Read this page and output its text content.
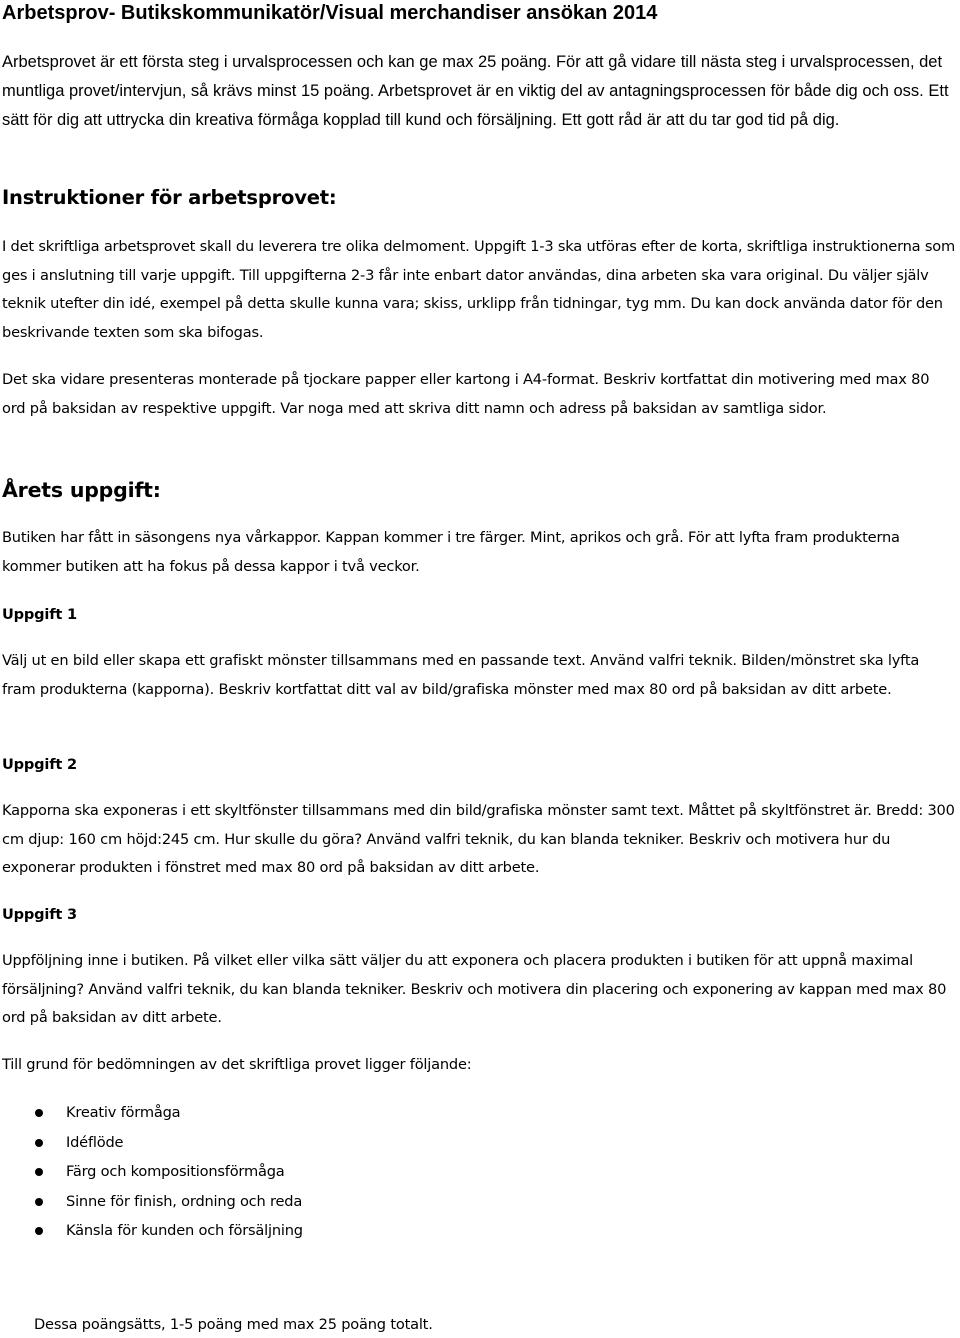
Arbetsprov- Butikskommunikatör/Visual merchandiser ansökan 2014

Arbetsprovet är ett första steg i urvalsprocessen och kan ge max 25 poäng. För att gå vidare till nästa steg i urvalsprocessen, det muntliga provet/intervjun, så krävs minst 15 poäng. Arbetsprovet är en viktig del av antagningsprocessen för både dig och oss. Ett sätt för dig att uttrycka din kreativa förmåga kopplad till kund och försäljning. Ett gott råd är att du tar god tid på dig.

Instruktioner för arbetsprovet:

I det skriftliga arbetsprovet skall du leverera tre olika delmoment. Uppgift 1-3 ska utföras efter de korta, skriftliga instruktionerna som ges i anslutning till varje uppgift. Till uppgifterna 2-3 får inte enbart dator användas, dina arbeten ska vara original. Du väljer själv teknik utefter din idé, exempel på detta skulle kunna vara; skiss, urklipp från tidningar, tyg mm. Du kan dock använda dator för den beskrivande texten som ska bifogas.

Det ska vidare presenteras monterade på tjockare papper eller kartong i A4-format. Beskriv kortfattat din motivering med max 80 ord på baksidan av respektive uppgift. Var noga med att skriva ditt namn och adress på baksidan av samtliga sidor.

Årets uppgift:

Butiken har fått in säsongens nya vårkappor. Kappan kommer i tre färger. Mint, aprikos och grå. För att lyfta fram produkterna kommer butiken att ha fokus på dessa kappor i två veckor.

Uppgift 1

Välj ut en bild eller skapa ett grafiskt mönster tillsammans med en passande text. Använd valfri teknik. Bilden/mönstret ska lyfta fram produkterna (kapporna). Beskriv kortfattat ditt val av bild/grafiska mönster med max 80 ord på baksidan av ditt arbete.

Uppgift 2

Kapporna ska exponeras i ett skyltfönster tillsammans med din bild/grafiska mönster samt text. Måttet på skyltfönstret är. Bredd: 300 cm djup: 160 cm höjd:245 cm. Hur skulle du göra? Använd valfri teknik, du kan blanda tekniker. Beskriv och motivera hur du exponerar produkten i fönstret med max 80 ord på baksidan av ditt arbete.

Uppgift 3

Uppföljning inne i butiken. På vilket eller vilka sätt väljer du att exponera och placera produkten i butiken för att uppnå maximal försäljning? Använd valfri teknik, du kan blanda tekniker. Beskriv och motivera din placering och exponering av kappan med max 80 ord på baksidan av ditt arbete.

Till grund för bedömningen av det skriftliga provet ligger följande:

Kreativ förmåga
Idéflöde
Färg och kompositionsförmåga
Sinne för finish, ordning och reda
Känsla för kunden och försäljning

Dessa poängsätts, 1-5 poäng med max 25 poäng totalt.
